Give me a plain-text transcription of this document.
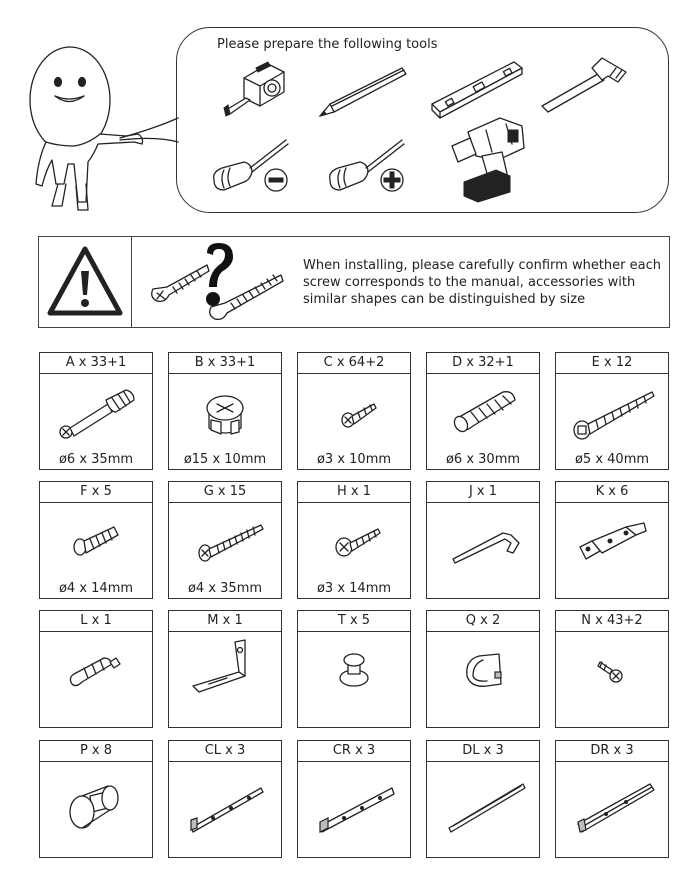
Please prepare the following tools
When installing, please carefully confirm whether each screw corresponds to the manual, accessories with similar shapes can be distinguished by size
A x 33+1
ø6 x 35mm
B x 33+1
ø15 x 10mm
C x 64+2
ø3 x 10mm
D x 32+1
ø6 x 30mm
E x 12
ø5 x 40mm
F x 5
ø4 x 14mm
G x 15
ø4 x 35mm
H x 1
ø3 x 14mm
J x 1	K x 6
L x 1	M x 1	T x 5	Q x 2	N x 43+2
P x 8	CL x 3	CR x 3	DL x 3	DR x 3
